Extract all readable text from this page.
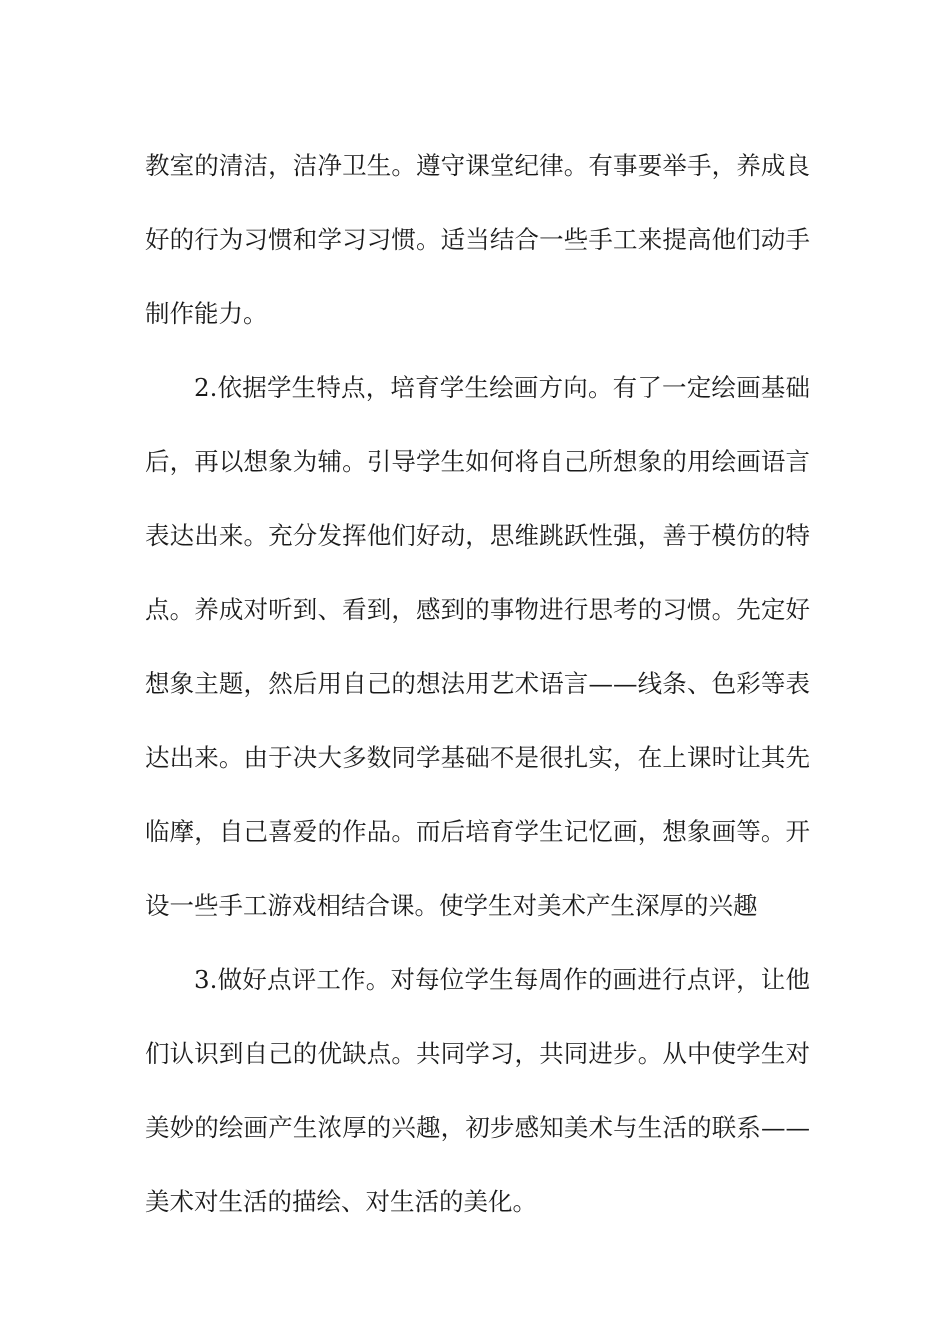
教室的清洁，洁净卫生。遵守课堂纪律。有事要举手，养成良好的行为习惯和学习习惯。适当结合一些手工来提高他们动手制作能力。

2.依据学生特点，培育学生绘画方向。有了一定绘画基础后，再以想象为辅。引导学生如何将自己所想象的用绘画语言表达出来。充分发挥他们好动，思维跳跃性强，善于模仿的特点。养成对听到、看到，感到的事物进行思考的习惯。先定好想象主题，然后用自己的想法用艺术语言——线条、色彩等表达出来。由于决大多数同学基础不是很扎实，在上课时让其先临摩，自己喜爱的作品。而后培育学生记忆画，想象画等。开设一些手工游戏相结合课。使学生对美术产生深厚的兴趣

3.做好点评工作。对每位学生每周作的画进行点评，让他们认识到自己的优缺点。共同学习，共同进步。从中使学生对美妙的绘画产生浓厚的兴趣，初步感知美术与生活的联系——美术对生活的描绘、对生活的美化。
